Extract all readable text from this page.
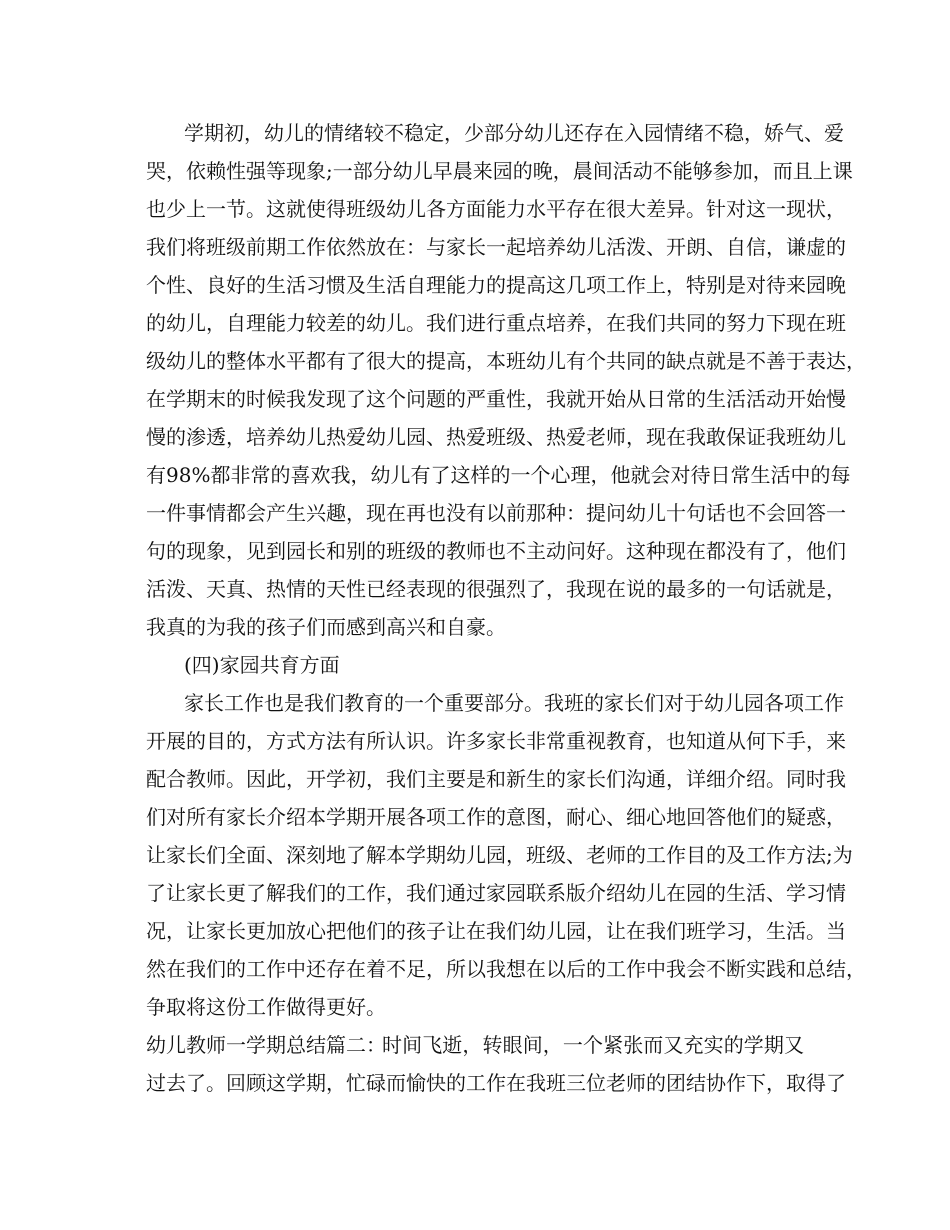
学期初，幼儿的情绪较不稳定，少部分幼儿还存在入园情绪不稳，娇气、爱
哭，依赖性强等现象;一部分幼儿早晨来园的晚，晨间活动不能够参加，而且上课
也少上一节。这就使得班级幼儿各方面能力水平存在很大差异。针对这一现状，
我们将班级前期工作依然放在：与家长一起培养幼儿活泼、开朗、自信，谦虚的
个性、良好的生活习惯及生活自理能力的提高这几项工作上，特别是对待来园晚
的幼儿，自理能力较差的幼儿。我们进行重点培养，在我们共同的努力下现在班
级幼儿的整体水平都有了很大的提高，本班幼儿有个共同的缺点就是不善于表达，
在学期末的时候我发现了这个问题的严重性，我就开始从日常的生活活动开始慢
慢的渗透，培养幼儿热爱幼儿园、热爱班级、热爱老师，现在我敢保证我班幼儿
有98%都非常的喜欢我，幼儿有了这样的一个心理，他就会对待日常生活中的每
一件事情都会产生兴趣，现在再也没有以前那种：提问幼儿十句话也不会回答一
句的现象，见到园长和别的班级的教师也不主动问好。这种现在都没有了，他们
活泼、天真、热情的天性已经表现的很强烈了，我现在说的最多的一句话就是，
我真的为我的孩子们而感到高兴和自豪。
(四)家园共育方面
家长工作也是我们教育的一个重要部分。我班的家长们对于幼儿园各项工作
开展的目的，方式方法有所认识。许多家长非常重视教育，也知道从何下手，来
配合教师。因此，开学初，我们主要是和新生的家长们沟通，详细介绍。同时我
们对所有家长介绍本学期开展各项工作的意图，耐心、细心地回答他们的疑惑，
让家长们全面、深刻地了解本学期幼儿园，班级、老师的工作目的及工作方法;为
了让家长更了解我们的工作，我们通过家园联系版介绍幼儿在园的生活、学习情
况，让家长更加放心把他们的孩子让在我们幼儿园，让在我们班学习，生活。当
然在我们的工作中还存在着不足，所以我想在以后的工作中我会不断实践和总结，
争取将这份工作做得更好。
幼儿教师一学期总结篇二：时间飞逝，转眼间，一个紧张而又充实的学期又
过去了。回顾这学期，忙碌而愉快的工作在我班三位老师的团结协作下，取得了
